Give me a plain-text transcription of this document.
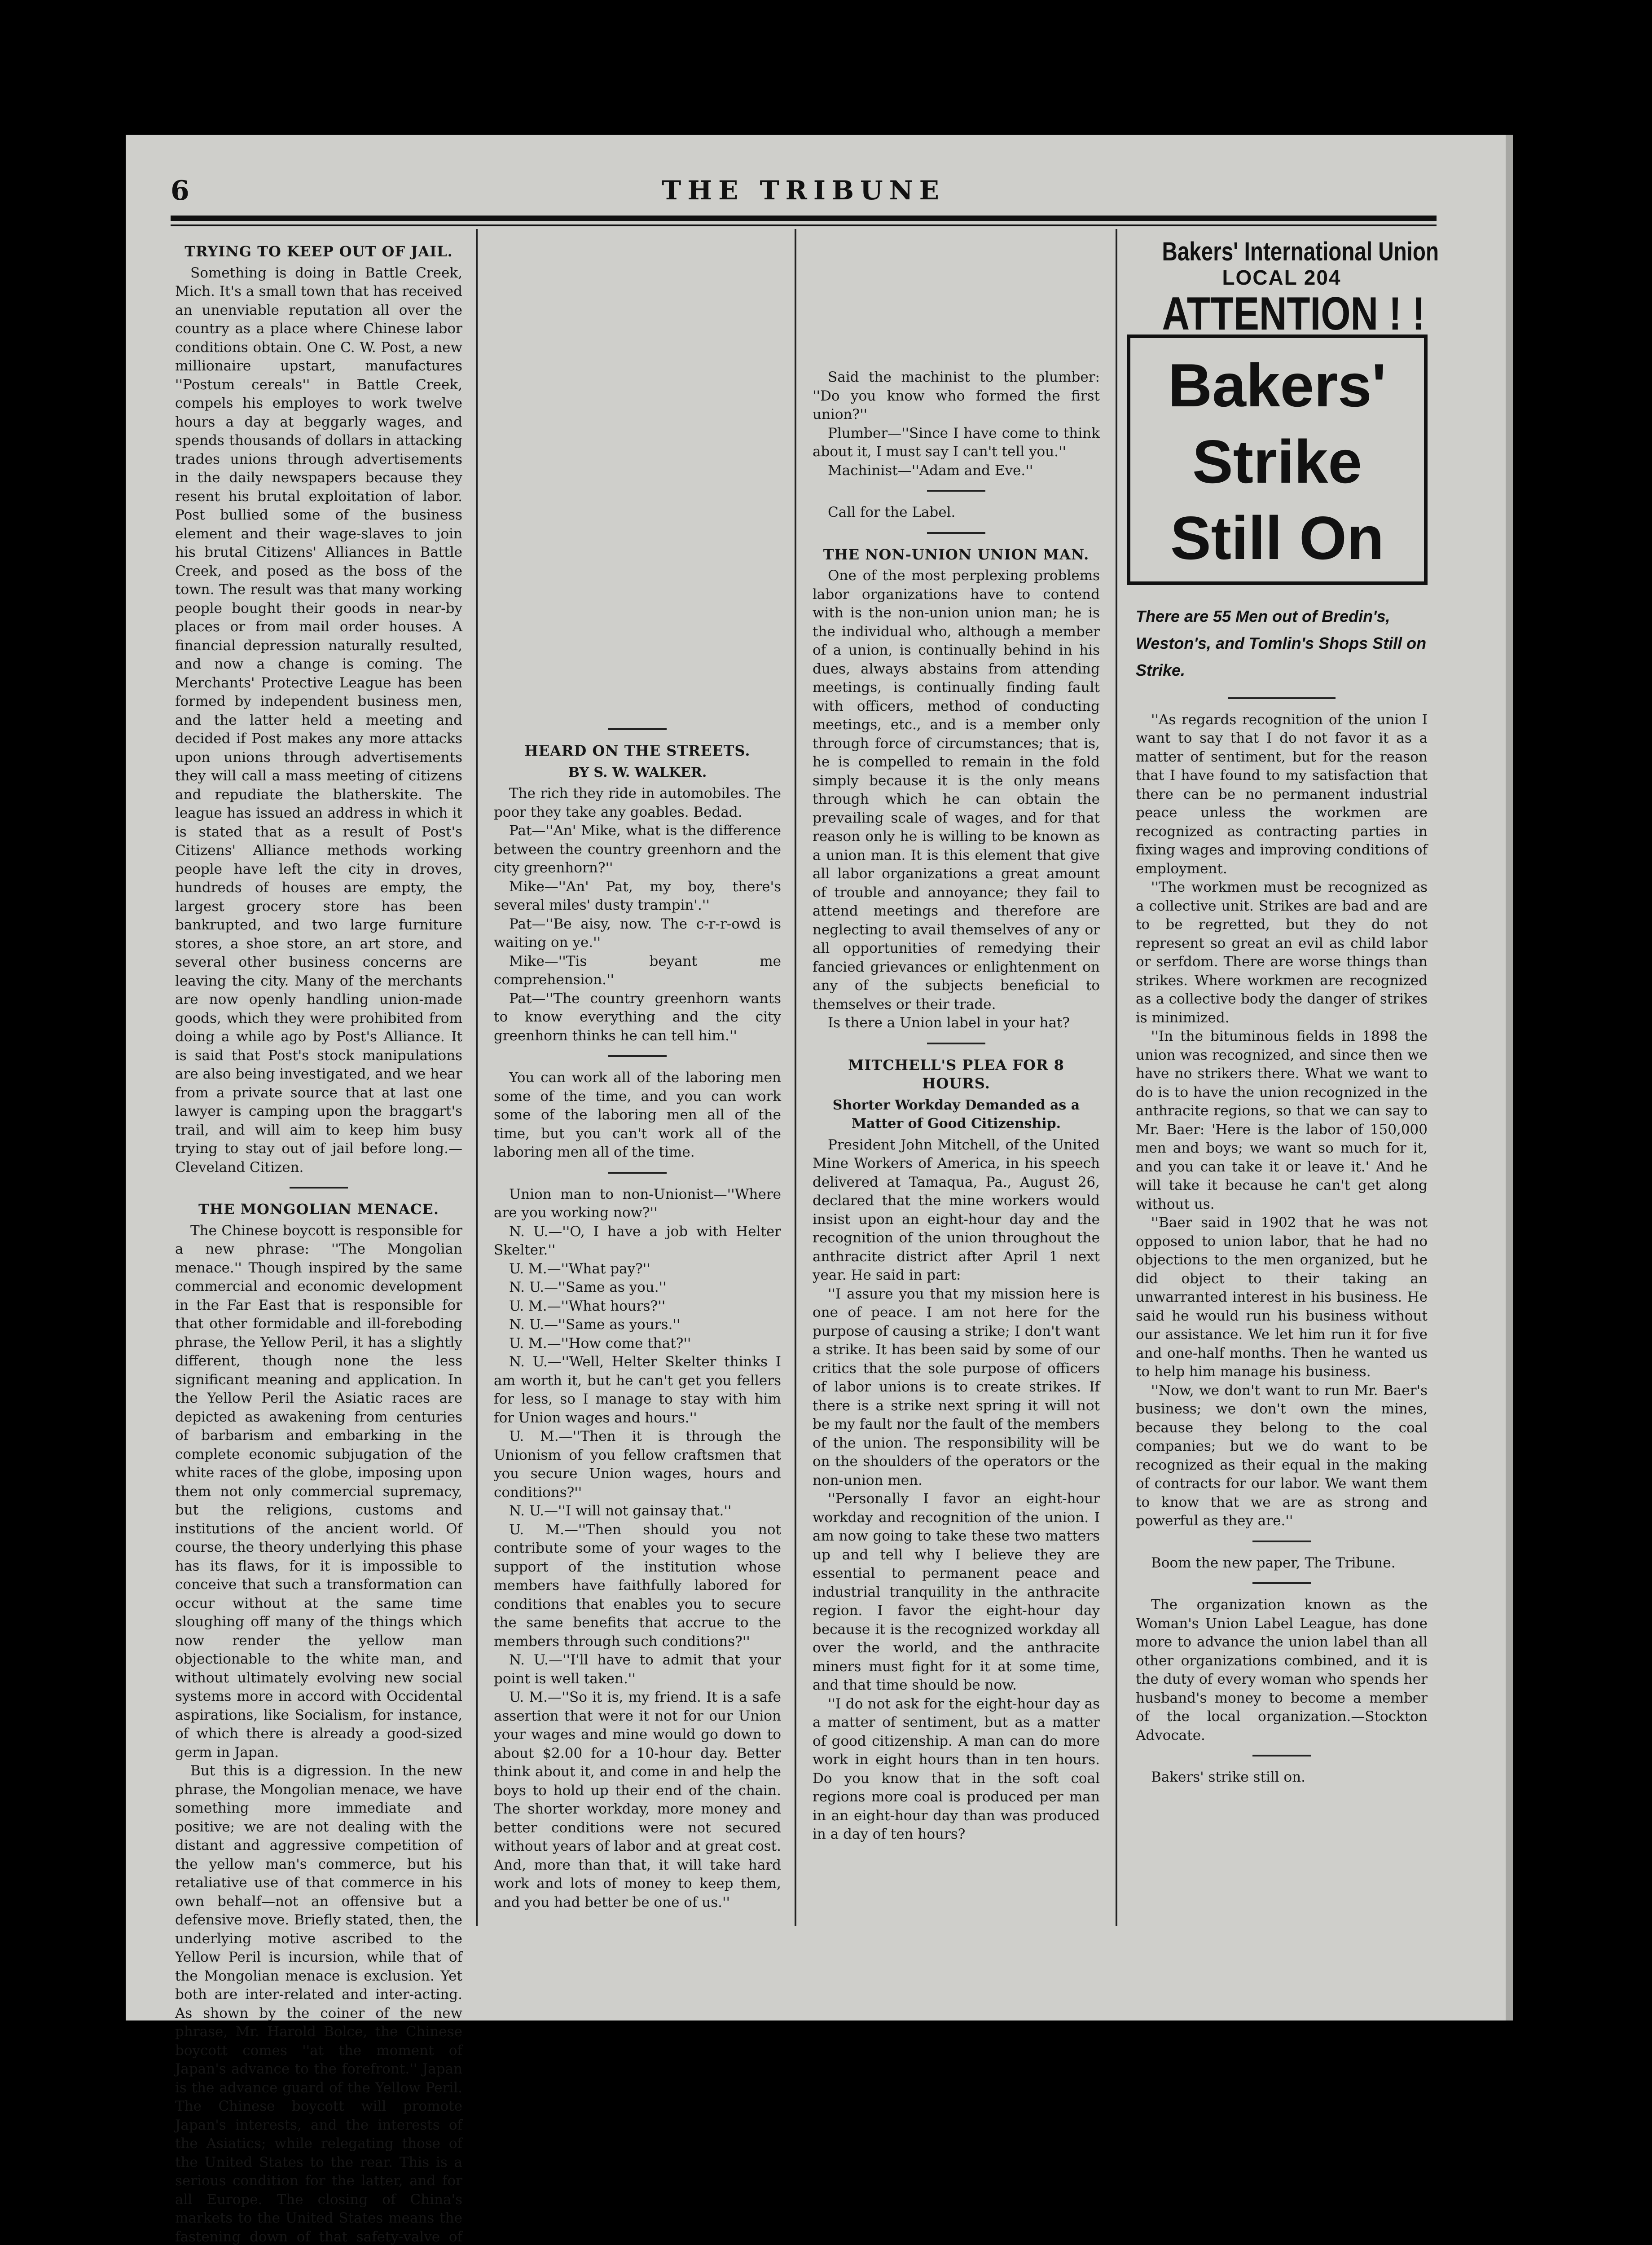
6	THE TRIBUNE
TRYING TO KEEP OUT OF JAIL.

Something is doing in Battle Creek, Mich. It's a small town that has received an unenviable reputation all over the country as a place where Chinese labor conditions obtain. One C. W. Post, a new millionaire upstart, manufactures ''Postum cereals'' in Battle Creek, compels his employes to work twelve hours a day at beggarly wages, and spends thousands of dollars in attacking trades unions through advertisements in the daily newspapers because they resent his brutal exploitation of labor. Post bullied some of the business element and their wage-slaves to join his brutal Citizens' Alliances in Battle Creek, and posed as the boss of the town. The result was that many working people bought their goods in near-by places or from mail order houses. A financial depression naturally resulted, and now a change is coming. The Merchants' Protective League has been formed by independent business men, and the latter held a meeting and decided if Post makes any more attacks upon unions through advertisements they will call a mass meeting of citizens and repudiate the blatherskite. The league has issued an address in which it is stated that as a result of Post's Citizens' Alliance methods working people have left the city in droves, hundreds of houses are empty, the largest grocery store has been bankrupted, and two large furniture stores, a shoe store, an art store, and several other business concerns are leaving the city. Many of the merchants are now openly handling union-made goods, which they were prohibited from doing a while ago by Post's Alliance. It is said that Post's stock manipulations are also being investigated, and we hear from a private source that at last one lawyer is camping upon the braggart's trail, and will aim to keep him busy trying to stay out of jail before long.—Cleveland Citizen.

THE MONGOLIAN MENACE.

The Chinese boycott is responsible for a new phrase: ''The Mongolian menace.'' Though inspired by the same commercial and economic development in the Far East that is responsible for that other formidable and ill-foreboding phrase, the Yellow Peril, it has a slightly different, though none the less significant meaning and application. In the Yellow Peril the Asiatic races are depicted as awakening from centuries of barbarism and embarking in the complete economic subjugation of the white races of the globe, imposing upon them not only commercial supremacy, but the religions, customs and institutions of the ancient world. Of course, the theory underlying this phase has its flaws, for it is impossible to conceive that such a transformation can occur without at the same time sloughing off many of the things which now render the yellow man objectionable to the white man, and without ultimately evolving new social systems more in accord with Occidental aspirations, like Socialism, for instance, of which there is already a good-sized germ in Japan.

But this is a digression. In the new phrase, the Mongolian menace, we have something more immediate and positive; we are not dealing with the distant and aggressive competition of the yellow man's commerce, but his retaliative use of that commerce in his own behalf—not an offensive but a defensive move. Briefly stated, then, the underlying motive ascribed to the Yellow Peril is incursion, while that of the Mongolian menace is exclusion. Yet both are inter-related and inter-acting. As shown by the coiner of the new phrase, Mr. Harold Bolce, the Chinese boycott comes ''at the moment of Japan's advance to the forefront.'' Japan is the advance guard of the Yellow Peril. The Chinese boycott will promote Japan's interests, and the interests of the Asiatics; while relegating those of the United States to the rear. This is a serious condition for the latter, and for all Europe. The closing of China's markets to the United States means the fastening down of that safety-valve of

HEARD ON THE STREETS.
BY S. W. WALKER.

The rich they ride in automobiles. The poor they take any goables. Bedad.

Pat—''An' Mike, what is the difference between the country greenhorn and the city greenhorn?''

Mike—''An' Pat, my boy, there's several miles' dusty trampin'.''

Pat—''Be aisy, now. The c-r-r-owd is waiting on ye.''

Mike—''Tis beyant me comprehension.''

Pat—''The country greenhorn wants to know everything and the city greenhorn thinks he can tell him.''

You can work all of the laboring men some of the time, and you can work some of the laboring men all of the time, but you can't work all of the laboring men all of the time.

Union man to non-Unionist—''Where are you working now?''

N. U.—''O, I have a job with Helter Skelter.''

U. M.—''What pay?''

N. U.—''Same as you.''

U. M.—''What hours?''

N. U.—''Same as yours.''

U. M.—''How come that?''

N. U.—''Well, Helter Skelter thinks I am worth it, but he can't get you fellers for less, so I manage to stay with him for Union wages and hours.''

U. M.—''Then it is through the Unionism of you fellow craftsmen that you secure Union wages, hours and conditions?''

N. U.—''I will not gainsay that.''

U. M.—''Then should you not contribute some of your wages to the support of the institution whose members have faithfully labored for conditions that enables you to secure the same benefits that accrue to the members through such conditions?''

N. U.—''I'll have to admit that your point is well taken.''

U. M.—''So it is, my friend. It is a safe assertion that were it not for our Union your wages and mine would go down to about $2.00 for a 10-hour day. Better think about it, and come in and help the boys to hold up their end of the chain. The shorter workday, more money and better conditions were not secured without years of labor and at great cost. And, more than that, it will take hard work and lots of money to keep them, and you had better be one of us.''

Said the machinist to the plumber: ''Do you know who formed the first union?''

Plumber—''Since I have come to think about it, I must say I can't tell you.''

Machinist—''Adam and Eve.''

Call for the Label.

THE NON-UNION UNION MAN.

One of the most perplexing problems labor organizations have to contend with is the non-union union man; he is the individual who, although a member of a union, is continually behind in his dues, always abstains from attending meetings, is continually finding fault with officers, method of conducting meetings, etc., and is a member only through force of circumstances; that is, he is compelled to remain in the fold simply because it is the only means through which he can obtain the prevailing scale of wages, and for that reason only he is willing to be known as a union man. It is this element that give all labor organizations a great amount of trouble and annoyance; they fail to attend meetings and therefore are neglecting to avail themselves of any or all opportunities of remedying their fancied grievances or enlightenment on any of the subjects beneficial to themselves or their trade.

Is there a Union label in your hat?

MITCHELL'S PLEA FOR 8 HOURS.
Shorter Workday Demanded as a Matter of Good Citizenship.

President John Mitchell, of the United Mine Workers of America, in his speech delivered at Tamaqua, Pa., August 26, declared that the mine workers would insist upon an eight-hour day and the recognition of the union throughout the anthracite district after April 1 next year. He said in part:

''I assure you that my mission here is one of peace. I am not here for the purpose of causing a strike; I don't want a strike. It has been said by some of our critics that the sole purpose of officers of labor unions is to create strikes. If there is a strike next spring it will not be my fault nor the fault of the members of the union. The responsibility will be on the shoulders of the operators or the non-union men.

''Personally I favor an eight-hour workday and recognition of the union. I am now going to take these two matters up and tell why I believe they are essential to permanent peace and industrial tranquility in the anthracite region. I favor the eight-hour day because it is the recognized workday all over the world, and the anthracite miners must fight for it at some time, and that time should be now.

''I do not ask for the eight-hour day as a matter of sentiment, but as a matter of good citizenship. A man can do more work in eight hours than in ten hours. Do you know that in the soft coal regions more coal is produced per man in an eight-hour day than was produced in a day of ten hours?

Bakers' International Union
LOCAL 204
ATTENTION ! !
Bakers'
Strike
Still On
There are 55 Men out of Bredin's, Weston's, and Tomlin's Shops Still on Strike.

''As regards recognition of the union I want to say that I do not favor it as a matter of sentiment, but for the reason that I have found to my satisfaction that there can be no permanent industrial peace unless the workmen are recognized as contracting parties in fixing wages and improving conditions of employment.

''The workmen must be recognized as a collective unit. Strikes are bad and are to be regretted, but they do not represent so great an evil as child labor or serfdom. There are worse things than strikes. Where workmen are recognized as a collective body the danger of strikes is minimized.

''In the bituminous fields in 1898 the union was recognized, and since then we have no strikers there. What we want to do is to have the union recognized in the anthracite regions, so that we can say to Mr. Baer: 'Here is the labor of 150,000 men and boys; we want so much for it, and you can take it or leave it.' And he will take it because he can't get along without us.

''Baer said in 1902 that he was not opposed to union labor, that he had no objections to the men organized, but he did object to their taking an unwarranted interest in his business. He said he would run his business without our assistance. We let him run it for five and one-half months. Then he wanted us to help him manage his business.

''Now, we don't want to run Mr. Baer's business; we don't own the mines, because they belong to the coal companies; but we do want to be recognized as their equal in the making of contracts for our labor. We want them to know that we are as strong and powerful as they are.''

Boom the new paper, The Tribune.

The organization known as the Woman's Union Label League, has done more to advance the union label than all other organizations combined, and it is the duty of every woman who spends her husband's money to become a member of the local organization.—Stockton Advocate.

Bakers' strike still on.
